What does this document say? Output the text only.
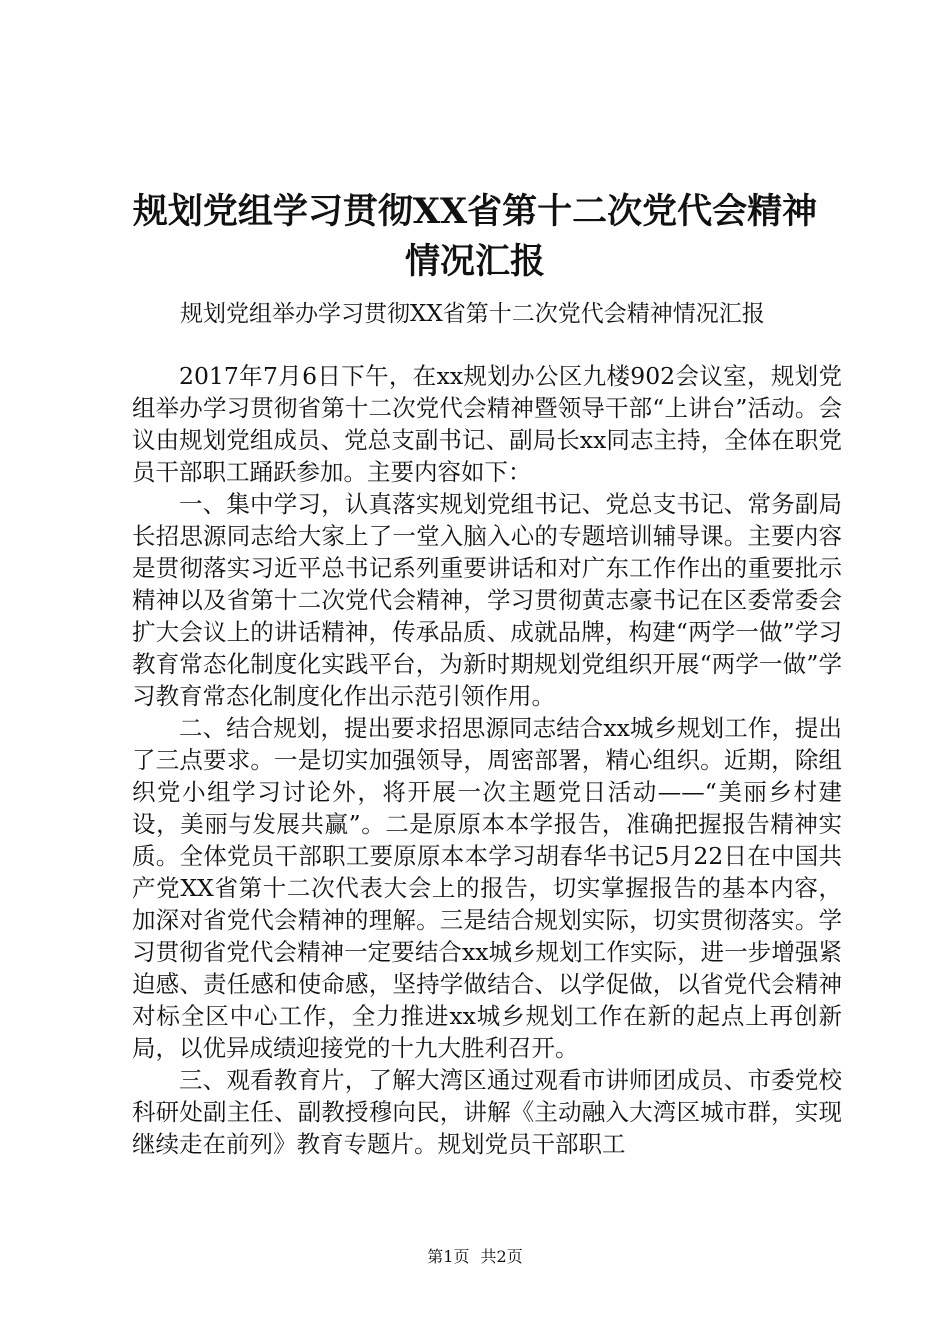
规划党组学习贯彻XX省第十二次党代会精神
情况汇报
规划党组举办学习贯彻XX省第十二次党代会精神情况汇报

2017年7月6日下午，在xx规划办公区九楼902会议室，规划党组举办学习贯彻省第十二次党代会精神暨领导干部“上讲台”活动。会议由规划党组成员、党总支副书记、副局长xx同志主持，全体在职党员干部职工踊跃参加。主要内容如下：

一、集中学习，认真落实规划党组书记、党总支书记、常务副局长招思源同志给大家上了一堂入脑入心的专题培训辅导课。主要内容是贯彻落实习近平总书记系列重要讲话和对广东工作作出的重要批示精神以及省第十二次党代会精神，学习贯彻黄志豪书记在区委常委会扩大会议上的讲话精神，传承品质、成就品牌，构建“两学一做”学习教育常态化制度化实践平台，为新时期规划党组织开展“两学一做”学习教育常态化制度化作出示范引领作用。

二、结合规划，提出要求招思源同志结合xx城乡规划工作，提出了三点要求。一是切实加强领导，周密部署，精心组织。近期，除组织党小组学习讨论外，将开展一次主题党日活动——“美丽乡村建设，美丽与发展共赢”。二是原原本本学报告，准确把握报告精神实质。全体党员干部职工要原原本本学习胡春华书记5月22日在中国共产党XX省第十二次代表大会上的报告，切实掌握报告的基本内容，加深对省党代会精神的理解。三是结合规划实际，切实贯彻落实。学习贯彻省党代会精神一定要结合xx城乡规划工作实际，进一步增强紧迫感、责任感和使命感，坚持学做结合、以学促做，以省党代会精神对标全区中心工作，全力推进xx城乡规划工作在新的起点上再创新局，以优异成绩迎接党的十九大胜利召开。

三、观看教育片，了解大湾区通过观看市讲师团成员、市委党校科研处副主任、副教授穆向民，讲解《主动融入大湾区城市群，实现继续走在前列》教育专题片。规划党员干部职工

第1页 共2页
